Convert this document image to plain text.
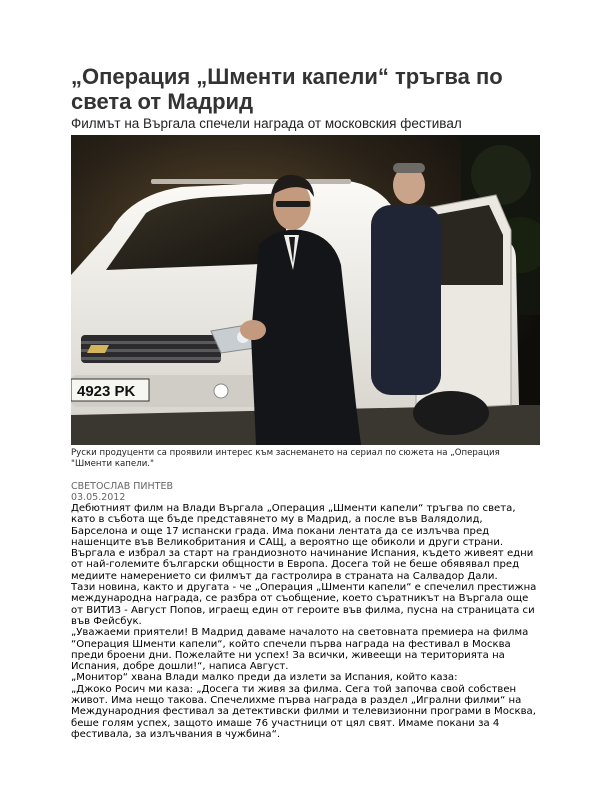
„Операция „Шменти капели“ тръгва по света от Мадрид
Филмът на Въргала спечели награда от московския фестивал
4923 PK
Руски продуценти са проявили интерес към заснемането на сериал по сюжета на „Операция "Шменти капели."
СВЕТОСЛАВ ПИНТЕВ
03.05.2012

Дебютният филм на Влади Въргала „Операция „Шменти капели“ тръгва по света, като в събота ще бъде представянето му в Мадрид, а после във Валядолид, Барселона и още 17 испански града. Има покани лентата да се излъчва пред нашенците във Великобритания и САЩ, а вероятно ще обиколи и други страни.

Въргала е избрал за старт на грандиозното начинание Испания, където живеят едни от най-големите български общности в Европа. Досега той не беше обявявал пред медиите намерението си филмът да гастролира в страната на Салвадор Дали.

Тази новина, както и другата - че „Операция „Шменти капели“ е спечелил престижна международна награда, се разбра от съобщение, което съратникът на Въргала още от ВИТИЗ - Август Попов, играещ един от героите във филма, пусна на страницата си във Фейсбук.

„Уважаеми приятели! В Мадрид даваме началото на световната премиера на филма “Операция Шменти капели“, който спечели първа награда на фестивал в Москва преди броени дни. Пожелайте ни успех! За всички, живеещи на територията на Испания, добре дошли!“, написа Август.

„Монитор“ хвана Влади малко преди да излети за Испания, който каза:

„Джоко Росич ми каза: „Досега ти живя за филма. Сега той започва свой собствен живот. Има нещо такова. Спечелихме първа награда в раздел „Игрални филми“ на Международния фестивал за детективски филми и телевизионни програми в Москва, беше голям успех, защото имаше 76 участници от цял свят. Имаме покани за 4 фестивала, за излъчвания в чужбина“.
